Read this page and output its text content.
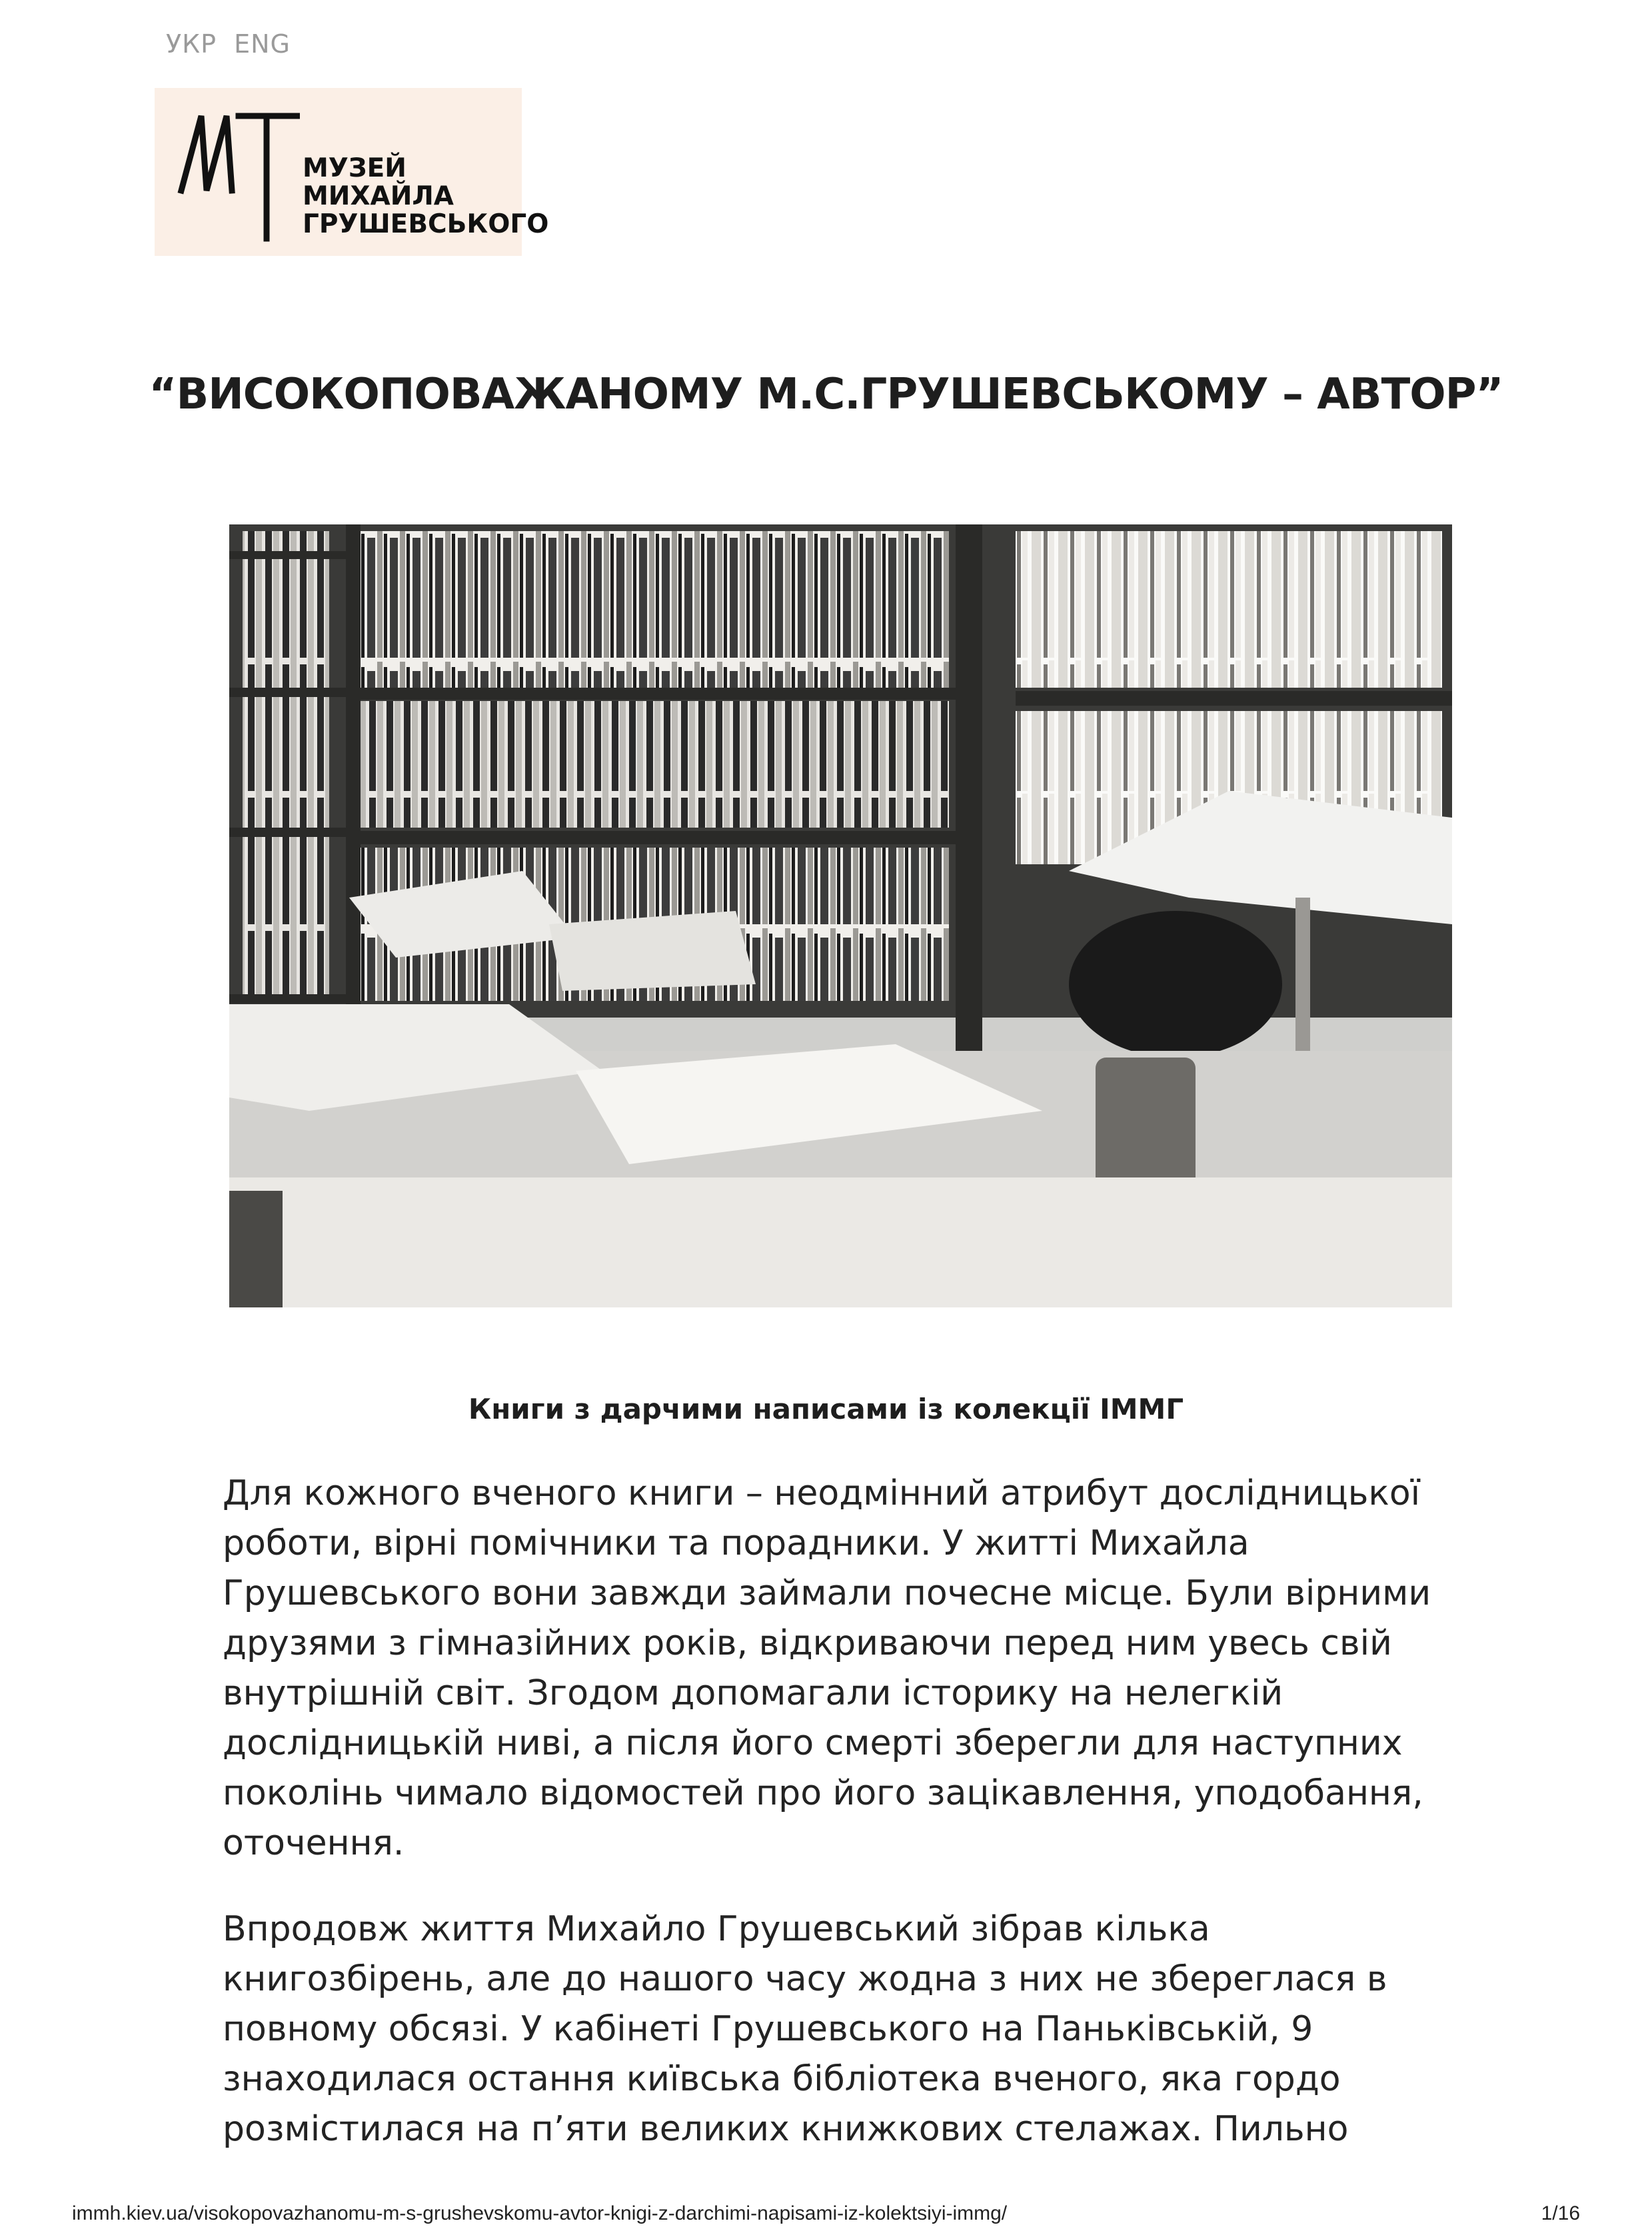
УКР ENG
МУЗЕЙ
МИХАЙЛА
ГРУШЕВСЬКОГО
“ВИСОКОПОВАЖАНОМУ М.С.ГРУШЕВСЬКОМУ – АВТОР”

Книги з дарчими написами із колекції ІММГ

Для кожного вченого книги – неодмінний атрибут дослідницької роботи, вірні помічники та порадники. У житті Михайла Грушевського вони завжди займали почесне місце. Були вірними друзями з гімназійних років, відкриваючи перед ним увесь свій внутрішній світ. Згодом допомагали історику на нелегкій дослідницькій ниві, а після його смерті зберегли для наступних поколінь чимало відомостей про його зацікавлення, уподобання, оточення.

Впродовж життя Михайло Грушевський зібрав кілька книгозбірень, але до нашого часу жодна з них не збереглася в повному обсязі. У кабінеті Грушевського на Паньківській, 9 знаходилася остання київська бібліотека вченого, яка гордо розмістилася на п’яти великих книжкових стелажах. Пильно

immh.kiev.ua/visokopovazhanomu-m-s-grushevskomu-avtor-knigi-z-darchimi-napisami-iz-kolektsiyi-immg/	1/16
